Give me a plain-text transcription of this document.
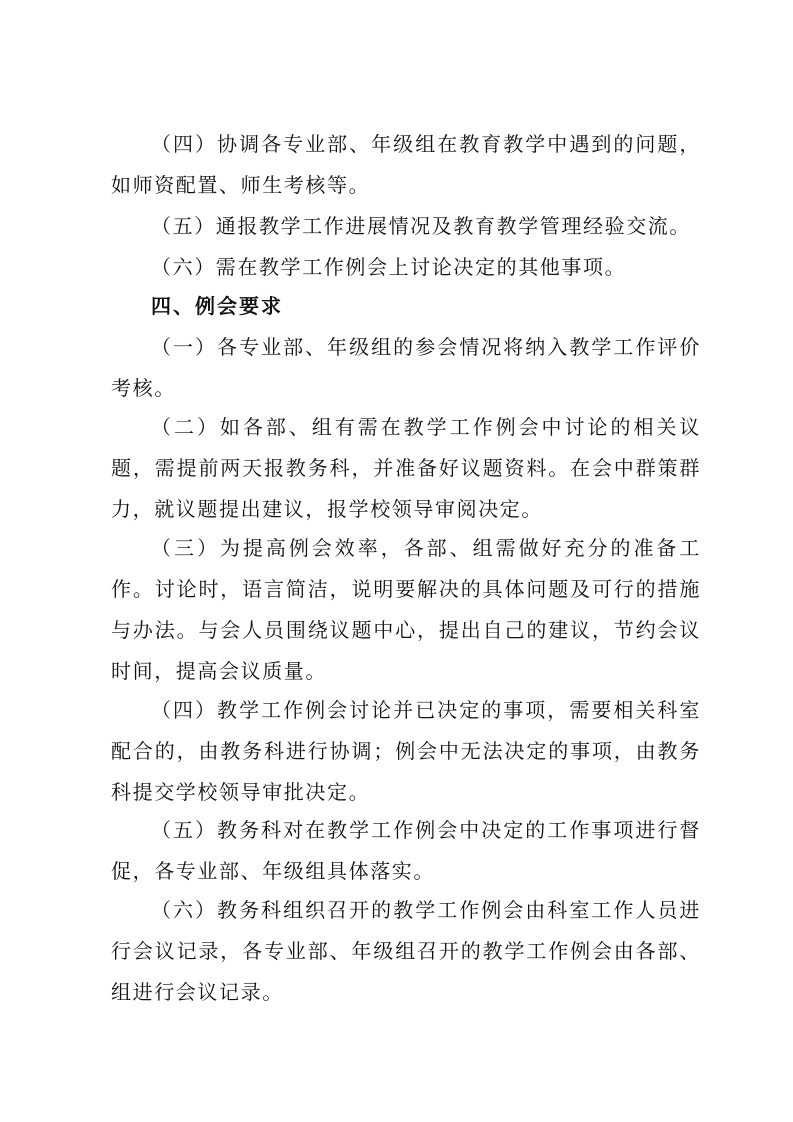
（四）协调各专业部、年级组在教育教学中遇到的问题，如师资配置、师生考核等。

（五）通报教学工作进展情况及教育教学管理经验交流。

（六）需在教学工作例会上讨论决定的其他事项。

四、例会要求

（一）各专业部、年级组的参会情况将纳入教学工作评价考核。

（二）如各部、组有需在教学工作例会中讨论的相关议题，需提前两天报教务科，并准备好议题资料。在会中群策群力，就议题提出建议，报学校领导审阅决定。

（三）为提高例会效率，各部、组需做好充分的准备工作。讨论时，语言简洁，说明要解决的具体问题及可行的措施与办法。与会人员围绕议题中心，提出自己的建议，节约会议时间，提高会议质量。

（四）教学工作例会讨论并已决定的事项，需要相关科室配合的，由教务科进行协调；例会中无法决定的事项，由教务科提交学校领导审批决定。

（五）教务科对在教学工作例会中决定的工作事项进行督促，各专业部、年级组具体落实。

（六）教务科组织召开的教学工作例会由科室工作人员进行会议记录，各专业部、年级组召开的教学工作例会由各部、组进行会议记录。
